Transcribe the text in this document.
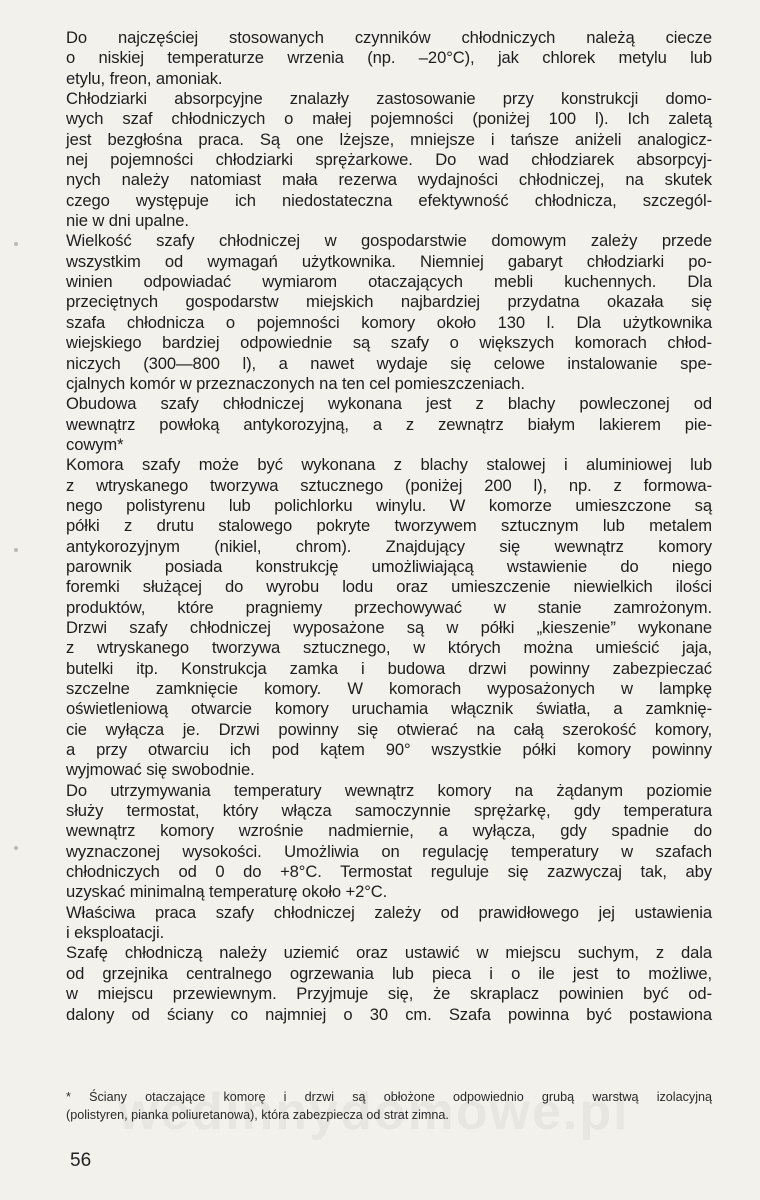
Do najczęściej stosowanych czynników chłodniczych należą ciecze
o niskiej temperaturze wrzenia (np. –20°C), jak chlorek metylu lub
etylu, freon, amoniak.
Chłodziarki absorpcyjne znalazły zastosowanie przy konstrukcji domo-
wych szaf chłodniczych o małej pojemności (poniżej 100 l). Ich zaletą
jest bezgłośna praca. Są one lżejsze, mniejsze i tańsze aniżeli analogicz-
nej pojemności chłodziarki sprężarkowe. Do wad chłodziarek absorpcyj-
nych należy natomiast mała rezerwa wydajności chłodniczej, na skutek
czego występuje ich niedostateczna efektywność chłodnicza, szczegól-
nie w dni upalne.
Wielkość szafy chłodniczej w gospodarstwie domowym zależy przede
wszystkim od wymagań użytkownika. Niemniej gabaryt chłodziarki po-
winien odpowiadać wymiarom otaczających mebli kuchennych. Dla
przeciętnych gospodarstw miejskich najbardziej przydatna okazała się
szafa chłodnicza o pojemności komory około 130 l. Dla użytkownika
wiejskiego bardziej odpowiednie są szafy o większych komorach chłod-
niczych (300—800 l), a nawet wydaje się celowe instalowanie spe-
cjalnych komór w przeznaczonych na ten cel pomieszczeniach.
Obudowa szafy chłodniczej wykonana jest z blachy powleczonej od
wewnątrz powłoką antykorozyjną, a z zewnątrz białym lakierem pie-
cowym*
Komora szafy może być wykonana z blachy stalowej i aluminiowej lub
z wtryskanego tworzywa sztucznego (poniżej 200 l), np. z formowa-
nego polistyrenu lub polichlorku winylu. W komorze umieszczone są
półki z drutu stalowego pokryte tworzywem sztucznym lub metalem
antykorozyjnym (nikiel, chrom). Znajdujący się wewnątrz komory
parownik posiada konstrukcję umożliwiającą wstawienie do niego
foremki służącej do wyrobu lodu oraz umieszczenie niewielkich ilości
produktów, które pragniemy przechowywać w stanie zamrożonym.
Drzwi szafy chłodniczej wyposażone są w półki „kieszenie” wykonane
z wtryskanego tworzywa sztucznego, w których można umieścić jaja,
butelki itp. Konstrukcja zamka i budowa drzwi powinny zabezpieczać
szczelne zamknięcie komory. W komorach wyposażonych w lampkę
oświetleniową otwarcie komory uruchamia włącznik światła, a zamknię-
cie wyłącza je. Drzwi powinny się otwierać na całą szerokość komory,
a przy otwarciu ich pod kątem 90° wszystkie półki komory powinny
wyjmować się swobodnie.
Do utrzymywania temperatury wewnątrz komory na żądanym poziomie
służy termostat, który włącza samoczynnie sprężarkę, gdy temperatura
wewnątrz komory wzrośnie nadmiernie, a wyłącza, gdy spadnie do
wyznaczonej wysokości. Umożliwia on regulację temperatury w szafach
chłodniczych od 0 do +8°C. Termostat reguluje się zazwyczaj tak, aby
uzyskać minimalną temperaturę około +2°C.
Właściwa praca szafy chłodniczej zależy od prawidłowego jej ustawienia
i eksploatacji.
Szafę chłodniczą należy uziemić oraz ustawić w miejscu suchym, z dala
od grzejnika centralnego ogrzewania lub pieca i o ile jest to możliwe,
w miejscu przewiewnym. Przyjmuje się, że skraplacz powinien być od-
dalony od ściany co najmniej o 30 cm. Szafa powinna być postawiona
* Ściany otaczające komorę i drzwi są obłożone odpowiednio grubą warstwą izolacyjną
(polistyren, pianka poliuretanowa), która zabezpiecza od strat zimna.
56
